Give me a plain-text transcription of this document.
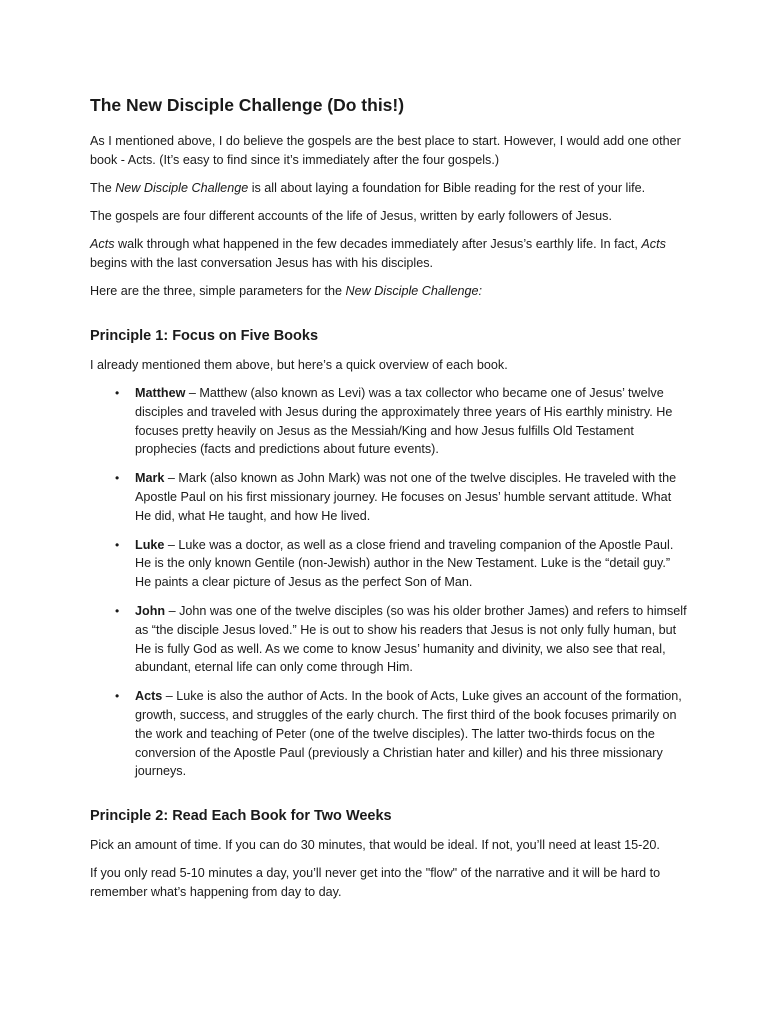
The New Disciple Challenge (Do this!)

As I mentioned above, I do believe the gospels are the best place to start. However, I would add one other book - Acts. (It’s easy to find since it’s immediately after the four gospels.)

The New Disciple Challenge is all about laying a foundation for Bible reading for the rest of your life.

The gospels are four different accounts of the life of Jesus, written by early followers of Jesus.

Acts walk through what happened in the few decades immediately after Jesus’s earthly life. In fact, Acts begins with the last conversation Jesus has with his disciples.

Here are the three, simple parameters for the New Disciple Challenge:

Principle 1: Focus on Five Books

I already mentioned them above, but here’s a quick overview of each book.

• Matthew – Matthew (also known as Levi) was a tax collector who became one of Jesus’ twelve disciples and traveled with Jesus during the approximately three years of His earthly ministry. He focuses pretty heavily on Jesus as the Messiah/King and how Jesus fulfills Old Testament prophecies (facts and predictions about future events).
• Mark – Mark (also known as John Mark) was not one of the twelve disciples. He traveled with the Apostle Paul on his first missionary journey. He focuses on Jesus’ humble servant attitude. What He did, what He taught, and how He lived.
• Luke – Luke was a doctor, as well as a close friend and traveling companion of the Apostle Paul. He is the only known Gentile (non-Jewish) author in the New Testament. Luke is the “detail guy.” He paints a clear picture of Jesus as the perfect Son of Man.
• John – John was one of the twelve disciples (so was his older brother James) and refers to himself as “the disciple Jesus loved.” He is out to show his readers that Jesus is not only fully human, but He is fully God as well. As we come to know Jesus’ humanity and divinity, we also see that real, abundant, eternal life can only come through Him.
• Acts – Luke is also the author of Acts. In the book of Acts, Luke gives an account of the formation, growth, success, and struggles of the early church. The first third of the book focuses primarily on the work and teaching of Peter (one of the twelve disciples). The latter two-thirds focus on the conversion of the Apostle Paul (previously a Christian hater and killer) and his three missionary journeys.
Principle 2: Read Each Book for Two Weeks

Pick an amount of time. If you can do 30 minutes, that would be ideal. If not, you’ll need at least 15-20.

If you only read 5-10 minutes a day, you’ll never get into the "flow" of the narrative and it will be hard to remember what’s happening from day to day.
